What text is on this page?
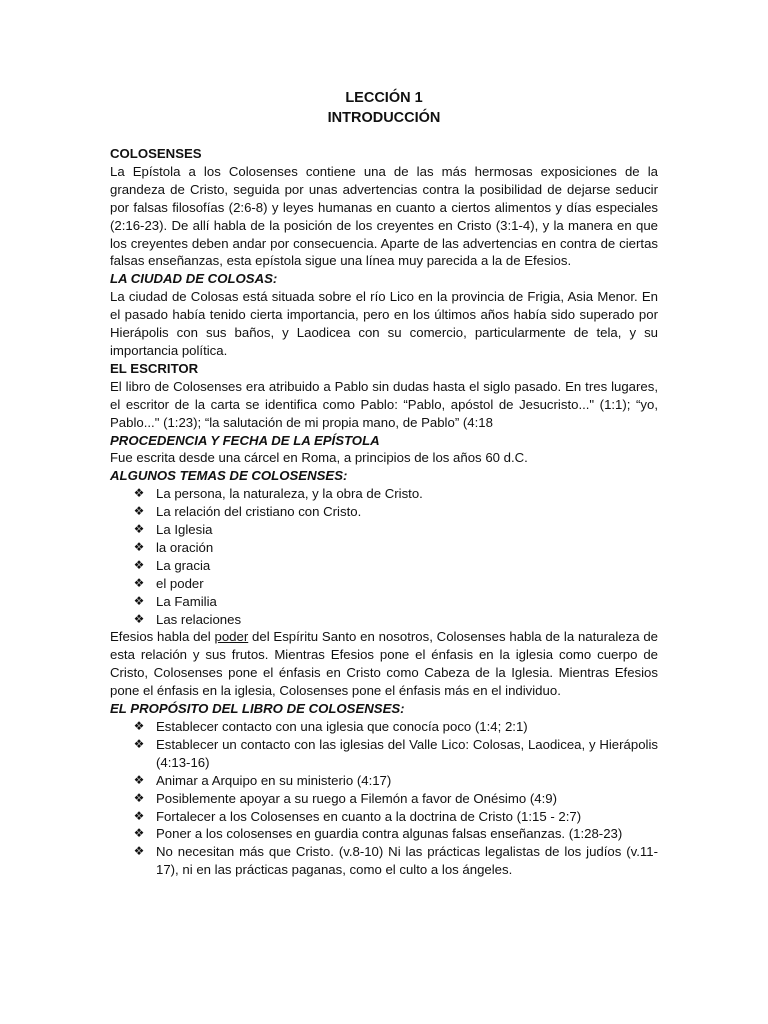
LECCIÓN 1

INTRODUCCIÓN

COLOSENSES

La Epístola a los Colosenses contiene una de las más hermosas exposiciones de la grandeza de Cristo, seguida por unas advertencias contra la posibilidad de dejarse seducir por falsas filosofías (2:6-8) y leyes humanas en cuanto a ciertos alimentos y días especiales (2:16-23). De allí habla de la posición de los creyentes en Cristo (3:1-4), y la manera en que los creyentes deben andar por consecuencia. Aparte de las advertencias en contra de ciertas falsas enseñanzas, esta epístola sigue una línea muy parecida a la de Efesios.

LA CIUDAD DE COLOSAS:

La ciudad de Colosas está situada sobre el río Lico en la provincia de Frigia, Asia Menor. En el pasado había tenido cierta importancia, pero en los últimos años había sido superado por Hierápolis con sus baños, y Laodicea con su comercio, particularmente de tela, y su importancia política.

EL ESCRITOR

El libro de Colosenses era atribuido a Pablo sin dudas hasta el siglo pasado. En tres lugares, el escritor de la carta se identifica como Pablo: “Pablo, apóstol de Jesucristo..." (1:1); “yo, Pablo..." (1:23); “la salutación de mi propia mano, de Pablo” (4:18

PROCEDENCIA Y FECHA DE LA EPÍSTOLA

Fue escrita desde una cárcel en Roma, a principios de los años 60 d.C.

ALGUNOS TEMAS DE COLOSENSES:

❖ La persona, la naturaleza, y la obra de Cristo.
❖ La relación del cristiano con Cristo.
❖ La Iglesia
❖ la oración
❖ La gracia
❖ el poder
❖ La Familia
❖ Las relaciones

Efesios habla del poder del Espíritu Santo en nosotros, Colosenses habla de la naturaleza de esta relación y sus frutos. Mientras Efesios pone el énfasis en la iglesia como cuerpo de Cristo, Colosenses pone el énfasis en Cristo como Cabeza de la Iglesia. Mientras Efesios pone el énfasis en la iglesia, Colosenses pone el énfasis más en el individuo.

EL PROPÓSITO DEL LIBRO DE COLOSENSES:

❖ Establecer contacto con una iglesia que conocía poco (1:4; 2:1)
❖ Establecer un contacto con las iglesias del Valle Lico: Colosas, Laodicea, y Hierápolis (4:13-16)
❖ Animar a Arquipo en su ministerio (4:17)
❖ Posiblemente apoyar a su ruego a Filemón a favor de Onésimo (4:9)
❖ Fortalecer a los Colosenses en cuanto a la doctrina de Cristo (1:15 - 2:7)
❖ Poner a los colosenses en guardia contra algunas falsas enseñanzas. (1:28-23)
❖ No necesitan más que Cristo. (v.8-10) Ni las prácticas legalistas de los judíos (v.11-17), ni en las prácticas paganas, como el culto a los ángeles.
